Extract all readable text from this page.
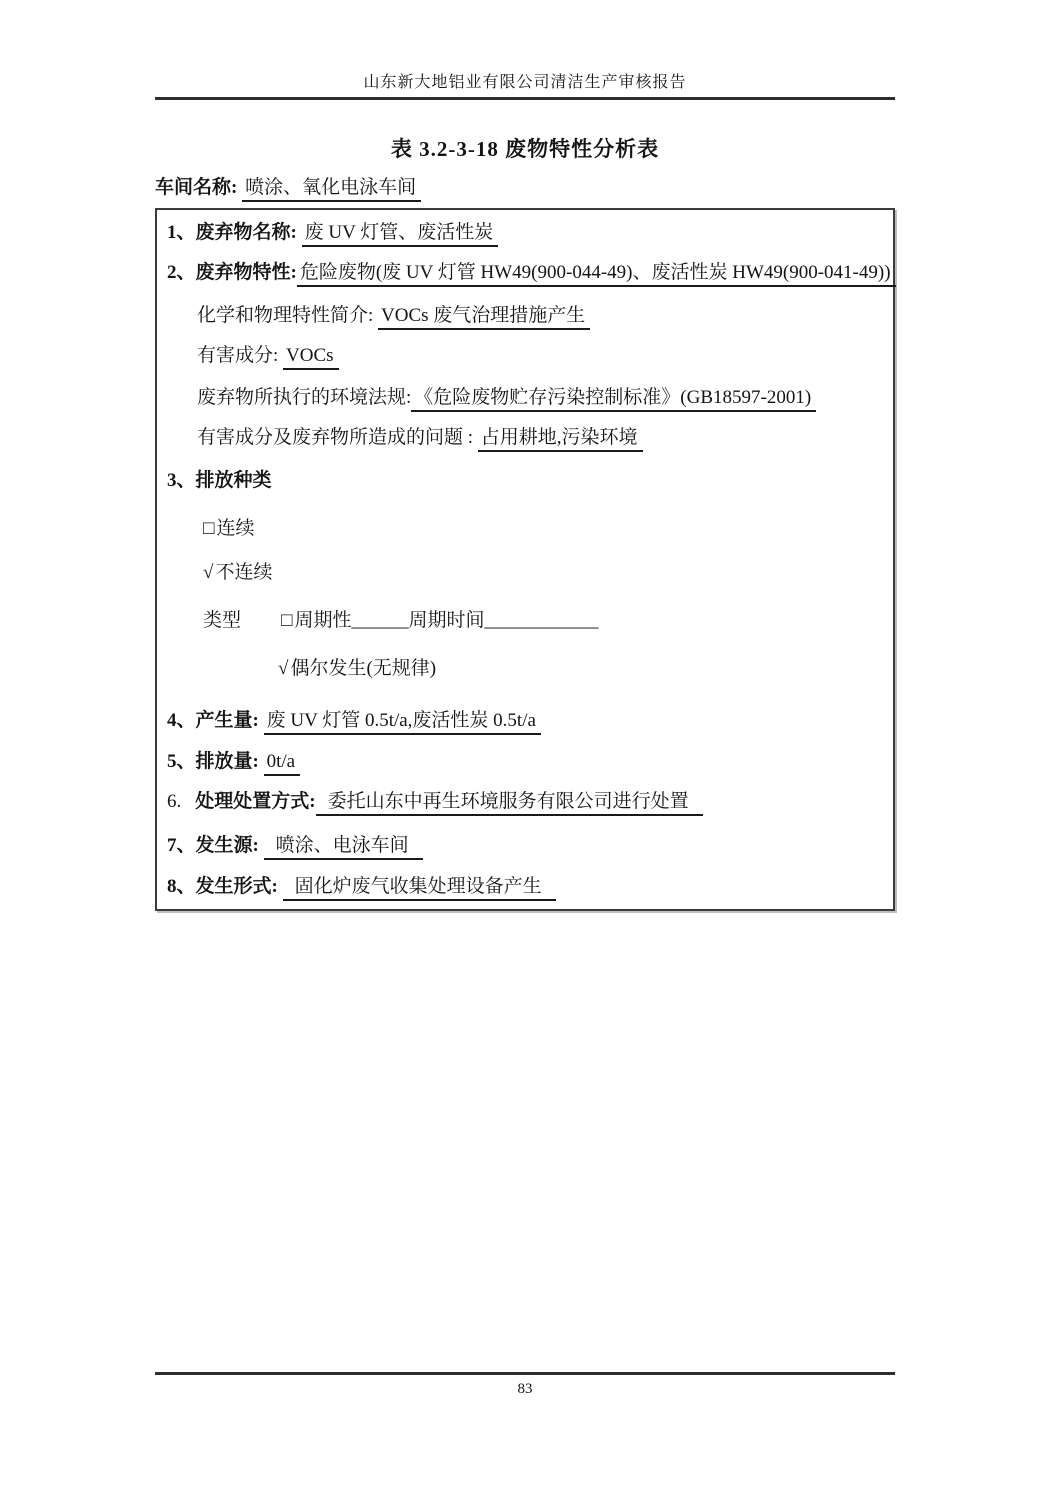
山东新大地铝业有限公司清洁生产审核报告
表 3.2-3-18 废物特性分析表
车间名称: 喷涂、氧化电泳车间

1、废弃物名称: 废 UV 灯管、废活性炭

2、废弃物特性: 危险废物(废 UV 灯管 HW49(900-044-49)、废活性炭 HW49(900-041-49))

化学和物理特性简介: VOCs 废气治理措施产生

有害成分: VOCs

废弃物所执行的环境法规: 《危险废物贮存污染控制标准》(GB18597-2001)

有害成分及废弃物所造成的问题 : 占用耕地,污染环境

3、排放种类

□ 连续

√ 不连续

类型 □ 周期性______周期时间____________

√ 偶尔发生(无规律)

4、产生量: 废 UV 灯管 0.5t/a,废活性炭 0.5t/a

5、排放量: 0t/a

6. 处理处置方式: 委托山东中再生环境服务有限公司进行处置

7、发生源: 喷涂、电泳车间

8、发生形式: 固化炉废气收集处理设备产生

83
